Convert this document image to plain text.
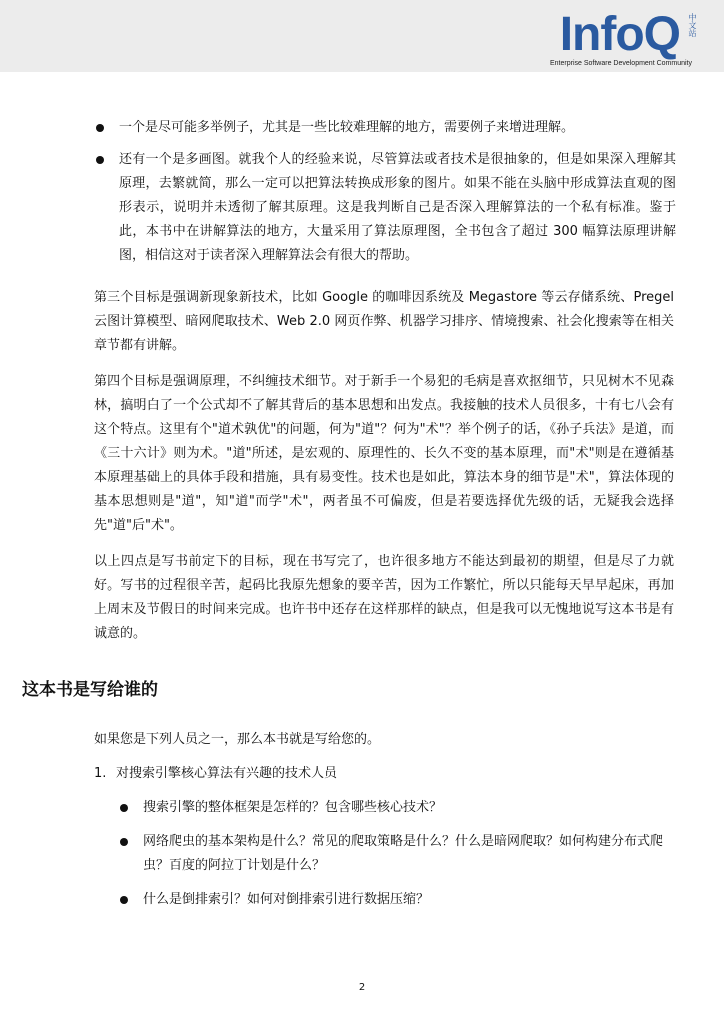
InfoQ 中文站
Enterprise Software Development Community
一个是尽可能多举例子，尤其是一些比较难理解的地方，需要例子来增进理解。
还有一个是多画图。就我个人的经验来说，尽管算法或者技术是很抽象的，但是如果深入理解其原理，去繁就简，那么一定可以把算法转换成形象的图片。如果不能在头脑中形成算法直观的图形表示，说明并未透彻了解其原理。这是我判断自己是否深入理解算法的一个私有标准。鉴于此，本书中在讲解算法的地方，大量采用了算法原理图，全书包含了超过 300 幅算法原理讲解图，相信这对于读者深入理解算法会有很大的帮助。
第三个目标是强调新现象新技术，比如 Google 的咖啡因系统及 Megastore 等云存储系统、Pregel 云图计算模型、暗网爬取技术、Web 2.0 网页作弊、机器学习排序、情境搜索、社会化搜索等在相关章节都有讲解。
第四个目标是强调原理，不纠缠技术细节。对于新手一个易犯的毛病是喜欢抠细节，只见树木不见森林，搞明白了一个公式却不了解其背后的基本思想和出发点。我接触的技术人员很多，十有七八会有这个特点。这里有个"道术孰优"的问题，何为"道"？何为"术"？举个例子的话，《孙子兵法》是道，而《三十六计》则为术。"道"所述，是宏观的、原理性的、长久不变的基本原理，而"术"则是在遵循基本原理基础上的具体手段和措施，具有易变性。技术也是如此，算法本身的细节是"术"，算法体现的基本思想则是"道"，知"道"而学"术"，两者虽不可偏废，但是若要选择优先级的话，无疑我会选择先"道"后"术"。
以上四点是写书前定下的目标，现在书写完了，也许很多地方不能达到最初的期望，但是尽了力就好。写书的过程很辛苦，起码比我原先想象的要辛苦，因为工作繁忙，所以只能每天早早起床，再加上周末及节假日的时间来完成。也许书中还存在这样那样的缺点，但是我可以无愧地说写这本书是有诚意的。
这本书是写给谁的
如果您是下列人员之一，那么本书就是写给您的。
1. 对搜索引擎核心算法有兴趣的技术人员
搜索引擎的整体框架是怎样的？包含哪些核心技术？
网络爬虫的基本架构是什么？常见的爬取策略是什么？什么是暗网爬取？如何构建分布式爬虫？百度的阿拉丁计划是什么？
什么是倒排索引？如何对倒排索引进行数据压缩？
2
